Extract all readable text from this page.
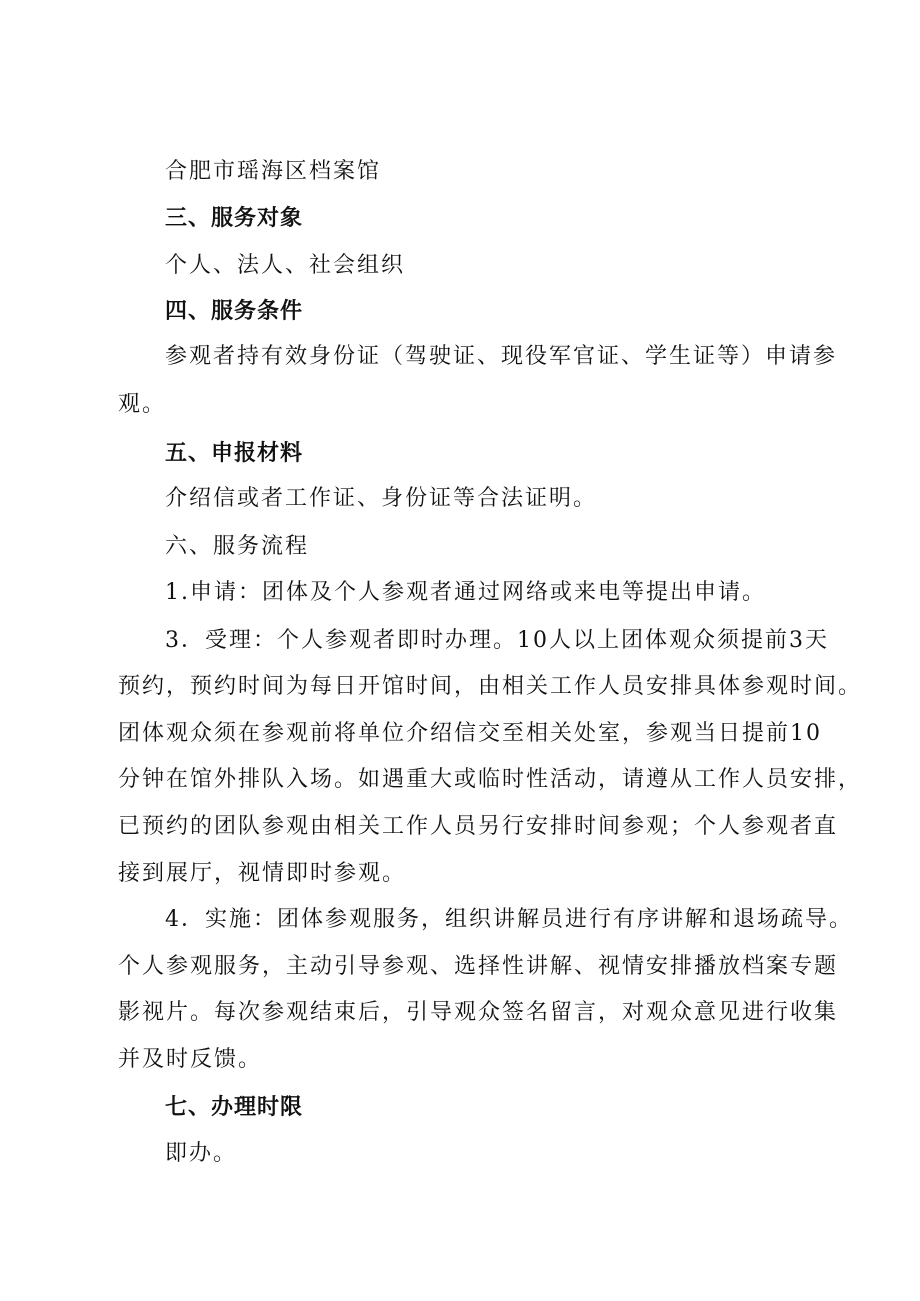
合肥市瑶海区档案馆
三、服务对象
个人、法人、社会组织
四、服务条件
参观者持有效身份证（驾驶证、现役军官证、学生证等）申请参
观。
五、申报材料
介绍信或者工作证、身份证等合法证明。
六、服务流程
1.申请：团体及个人参观者通过网络或来电等提出申请。
3．受理：个人参观者即时办理。10人以上团体观众须提前3天
预约，预约时间为每日开馆时间，由相关工作人员安排具体参观时间。
团体观众须在参观前将单位介绍信交至相关处室，参观当日提前10
分钟在馆外排队入场。如遇重大或临时性活动，请遵从工作人员安排，
已预约的团队参观由相关工作人员另行安排时间参观；个人参观者直
接到展厅，视情即时参观。
4．实施：团体参观服务，组织讲解员进行有序讲解和退场疏导。
个人参观服务，主动引导参观、选择性讲解、视情安排播放档案专题
影视片。每次参观结束后，引导观众签名留言，对观众意见进行收集
并及时反馈。
七、办理时限
即办。
